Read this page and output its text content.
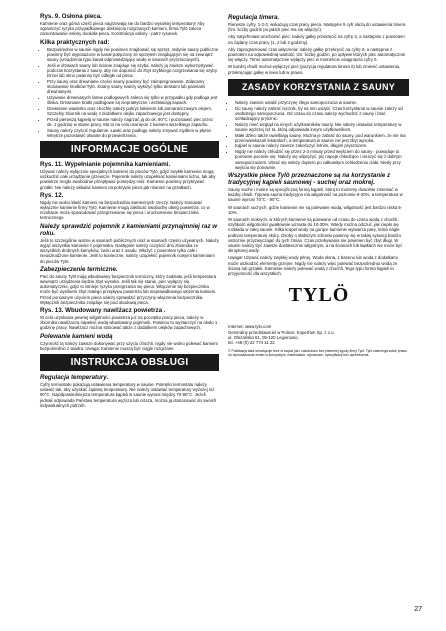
Rys. 9. Osłona pieca.

Kamienie oraz górna część pieca nagrzewają się do bardzo wysokiej temperatury! Aby ograniczyć ryzyko przypadkowego dotknięcia rozgrzanych kamieni, firma Tylö zaleca zamontowanie osłony dookoła pieca. Konstrukcja osłony - patrz rysunek.

Kilka praktycznych rad:

• Bezpośrednio w saunie nigdy nie powinien znajdować się sprzęt. Jedynie sauny publiczne powinny być wyposażone w kanał połączony ze sprzętem znajdującym się na zewnątrz sauny (urządzenia typu kanał odprowadzający wodę w saunach prysznicowych).
• Jeśli w drzwiach sauny lub ścianie znajduje się szyba, należy ją zawsze wykorzystywać podczas korzystania z sauny, aby nie dopuścić do zbyt szybkiego rozgrzewania się szyby. Drzwi lub okno powinny być odległe od pieca.
• Przy sauny oraz drewniane części sauny powinny być zaimpregnowane. Zalecamy stosowanie środków Tylö. Ściany sauny należy wyłożyć tylko deskami lub panelami drewnianymi.
• Używanie drewnianych listew podłogowych zaleca się tylko w przypadku gdy podłoga jest śliska. Drewniane kratki podłogowe są niepraktyczne i wchłaniają zapach.
• Drewniane wiaderko oraz chochlę należy pokryć lakierem lub pomarańczowym olejem. Szczelny zbiornik na wodę z dodatkiem olejku zapachowego jest dostępny.
• Przed pierwszą kąpielą w saunie należy nagrzać ją do ok. 90°C i pozostawić piec przez ok. 1 godzinę w stanie pracy. Ma to na celu usunięcie z kamieni wszelkiego zapachu.
• Sauny należy czyścić regularnie. Ławki oraz podłogę należy zmywać mydłem w płynie. Wnętrze pozostawić otwarte do przewietrzenia.
INFORMACJE OGÓLNE

Rys. 11. Wypełnianie pojemnika kamieniami.

Używać należy wyłącznie specjalnych kamieni do pieców Tylö, gdyż zwykłe kamienie mogą uszkodzić całe urządzenie grzewcze. Pojemnik należy uzupełniać kamieniami luźno, tak aby powietrze mogło swobodnie przepływać pomiędzy nimi. Kamienie powinny przykrywać grzałki. Nie należy układać kamieni na pokrywie pieca jak również na grzałkach.

Rys. 12.

Nigdy nie wolno kłaść kamieni na bezpośrednio kamiennych rzeczy. Należy stosować wyłącznie kamienie firmy Tylö. Kamienie mogą zakłócać swobodny obieg powietrza, co w rezultacie może spowodować przegrzewanie się pieca i uruchomienie bezpiecznika termicznego.

Należy sprawdzić pojemnik z kamieniami przynajmniej raz w roku.

Jeśli to szczególnie ważne w saunach publicznych oraz w saunach często używanych. Należy wyjąć wszystkie kamienie z pojemnika. Następnie należy oczyścić dno zbiornika ze wszystkich drobnych kamyków, żwiru oraz z osadu. Włożyć z powrotem tylko całe i nieuszkodzone kamienie. Jeśli to konieczne, należy uzupełnić pojemnik nowymi kamieniami do pieców Tylö.

Zabezpieczenie termiczne.

Piec do sauny Tylö mają wbudowany bezpiecznik termiczny, który zadziała, jeśli temperatura wewnątrz urządzenia będzie zbyt wysoka. Jeśli tak się stanie, piec wyłączy się automatycznie, gdyż to istnieje ryzyko przegrzania się pieca. Włączenie się bezpiecznika może być wynikiem zbyt małego przepływu powietrza lub nieprawidłowego ułożenia kamieni. Przed ponownym użyciem pieca należy sprawdzić przyczynę włączenia bezpiecznika. Wyłącznik bezpiecznika znajduje się pod obudową pieca.

Rys. 13. Wbudowany nawilżacz powietrza .

W celu uzyskania pewnej wilgotności powietrza już na początku pracy pieca, należy w zbiorniku nawilżacza napełnić wodą wbudowany pojemnik. Powinno to wystarczyć na około 1 godzinę pracy. Nawilżacz można stosować także z dodatkiem olejków zapachowych.

Polewanie kamieni wodą

Czynność tą należy zawsze dokonywać przy użyciu chochli, nigdy nie wolno polewać kamieni bezpośrednio z wiadra. Uwaga: Kamienie muszą być ciągle rozgrzane.

INSTRUKCJA OBSŁUGI

Regulacja temperatury.

Cyfry termostatu pokazują ustawienia temperatury w saunie. Pokrętło termostatu należy ustawić tak, aby uzyskać żądaną temperaturę. Nie należy ustawiać temperatury wyższej niż 90°C. Najodpowiedniejsza temperatura kąpieli w saunie wynosi między 70-90°C. Jeżeli jednak odpowiada Państwu temperatura wyższa lub niższa, można ją dostosować do swoich indywidualnych potrzeb.

Regulacja timera.

Pierwsze cyfry, 1-2-3, wskazują czas pracy pieca. Następne 9 cyfr służą do ustawienia timera (tzn. liczby godzin po jakich piec ma się włączyć).

Aby natychmiast uruchomić piec: należy gałkę przekręcić na cyfrę 3, a następnie z powrotem na żądany czas pracy (1, 2 lub 3 godziny).

Aby zaprogramować czas włączenia: należy gałkę przekręcić na cyfrę 9, a następnie z powrotem na odpowiednią wartość, tzn. liczbę godzin, po upływie których piec automatycznie się włączy. Timer automatycznie wyłączy piec w momencie osiągnięcia cyfry 0.

W każdej chwili można wyłączyć piec (pozycja regulatora timera 0) lub zmienić ustawienia, przekręcając gałkę w lewo lub w prawo.

ZASADY KORZYSTANIA Z SAUNY
• Należy zawsze ustalić przyczynę złego samopoczucia w saunie.
• Do sauny należy zabrać ręcznik, by na nim usiąść. Czas korzystania w saunie zależy od osobistego samopoczucia. Od czasu do czasu należy wychodzić z sauny i brać ochładzający prysznic.
• Należy mieć wzgląd na innych użytkowników sauny. Nie należy ustawiać temperatury w saunie wyższej niż ta, którą odpowiada innym użytkownikom.
• Małe dzieci także uwielbiają saunę. Można je zabrać do sauny, pod warunkiem, że nie ma przeciwwskazań lekarskich, a temperatura w saunie nie jest zbyt wysoka.
• Kąpiel w saunie należy zawsze zakończyć letnim, długim prysznicem.
• Nigdy nie należy chłodzić się przez 2-3 minuty przed wejściem do sauny - powoduje to ponowne pocenie się. Należy się odprężyć, pić napoje chłodzące i cieszyć się z dobrym samopoczuciem. Ubrać się należy dopiero po całkowitym ochłodzeniu ciała. Niedy przy wejściu się ponownie.

Wszystkie piece Tylö przeznaczone są na korzystanie z tradycyjnej kąpieli saunowej - suchej oraz mokrej.

Sauny suche i mokre są specyficzną formą kąpieli, którą to możemy dowolnie zmieniać w każdej chwili. Typowa sauna tradycyjna ma wilgotność na poziomie 5-20%, a temperatura w saunie wynosi 70°C - 90°C.

W saunach suchych, gdzie kamienie nie są polewane wodą, wilgotność jest bardzo niska 5-10%.

W saunach mokrych, w których kamienie są polewane od czasu do czasu wodą z chochli, szybkość wilgotności gwałtownie wzrasta do 10-30%. Wtedy można odczuć, jak ciepło się rozkłada w całej saunie. Kilka kropel wody na gorące kamienie wytwarza parę, która nagle podnosi temperaturę skóry. Osoby o słabszym zdrowiu powinny się w takiej sytuacji bardzo ostrożnie przyzwyczajać do tych zmian. Czas przebywania nie powinien być zbyt długi. W saunie należy być zawsze dostatecznie wilgotnym, a na ścianach lub ławkach nie może być skroplonej wody.

Uwaga! Używać należy zwykłej wody pitnej. Woda słona, z basenu lub woda z dodatkami może uszkodzić elementy grzejne. Nigdy nie należy więc polewać bezpośrednio wodą ze ścianą lub grzałek. Kamienie należy polewać wodą z chochli. Tego typu forma kąpieli to przyjemność dla wszystkich.

TYLÖ
Internet: www.tylo.com
Generalny przedstawiciel w Polsce: Koperfam Sp. z o.o.
ul. Olszańska 51, 05-120 Legionowo,
tel. +48 (0) 22 774 11 22
© Publikacja taka obowiązuje teże w części jak i całościowo bez pisemnej zgody firmy Tylö. Tylö zastrzega sobie prawo do wprowadzania zmian w kolorystyce, materiałach, wymiarach, specyfikacji bez uprzedzenia.
27
